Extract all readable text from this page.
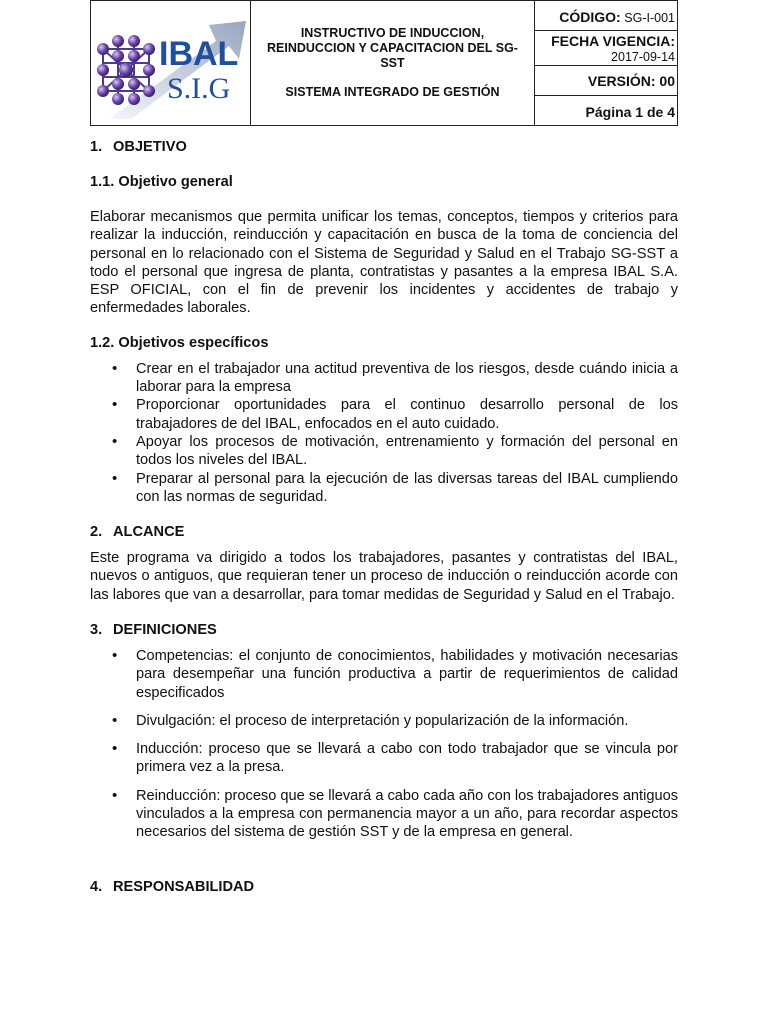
IBAL
S.I.G
INSTRUCTIVO DE INDUCCION, REINDUCCION Y CAPACITACION DEL SG-SST
SISTEMA INTEGRADO DE GESTIÓN
CÓDIGO: SG-I-001
FECHA VIGENCIA:
2017-09-14
VERSIÓN: 00
Página 1 de 4
1. OBJETIVO
1.1. Objetivo general

Elaborar mecanismos que permita unificar los temas, conceptos, tiempos y criterios para realizar la inducción, reinducción y capacitación en busca de la toma de conciencia del personal en lo relacionado con el Sistema de Seguridad y Salud en el Trabajo SG-SST a todo el personal que ingresa de planta, contratistas y pasantes a la empresa IBAL S.A. ESP OFICIAL, con el fin de prevenir los incidentes y accidentes de trabajo y enfermedades laborales.

1.2. Objetivos específicos
• Crear en el trabajador una actitud preventiva de los riesgos, desde cuándo inicia a laborar para la empresa
• Proporcionar oportunidades para el continuo desarrollo personal de los trabajadores de del IBAL, enfocados en el auto cuidado.
• Apoyar los procesos de motivación, entrenamiento y formación del personal en todos los niveles del IBAL.
• Preparar al personal para la ejecución de las diversas tareas del IBAL cumpliendo con las normas de seguridad.
2. ALCANCE

Este programa va dirigido a todos los trabajadores, pasantes y contratistas del IBAL, nuevos o antiguos, que requieran tener un proceso de inducción o reinducción acorde con las labores que van a desarrollar, para tomar medidas de Seguridad y Salud en el Trabajo.

3. DEFINICIONES
• Competencias: el conjunto de conocimientos, habilidades y motivación necesarias para desempeñar una función productiva a partir de requerimientos de calidad especificados
• Divulgación: el proceso de interpretación y popularización de la información.
• Inducción: proceso que se llevará a cabo con todo trabajador que se vincula por primera vez a la presa.
• Reinducción: proceso que se llevará a cabo cada año con los trabajadores antiguos vinculados a la empresa con permanencia mayor a un año, para recordar aspectos necesarios del sistema de gestión SST y de la empresa en general.
4. RESPONSABILIDAD
